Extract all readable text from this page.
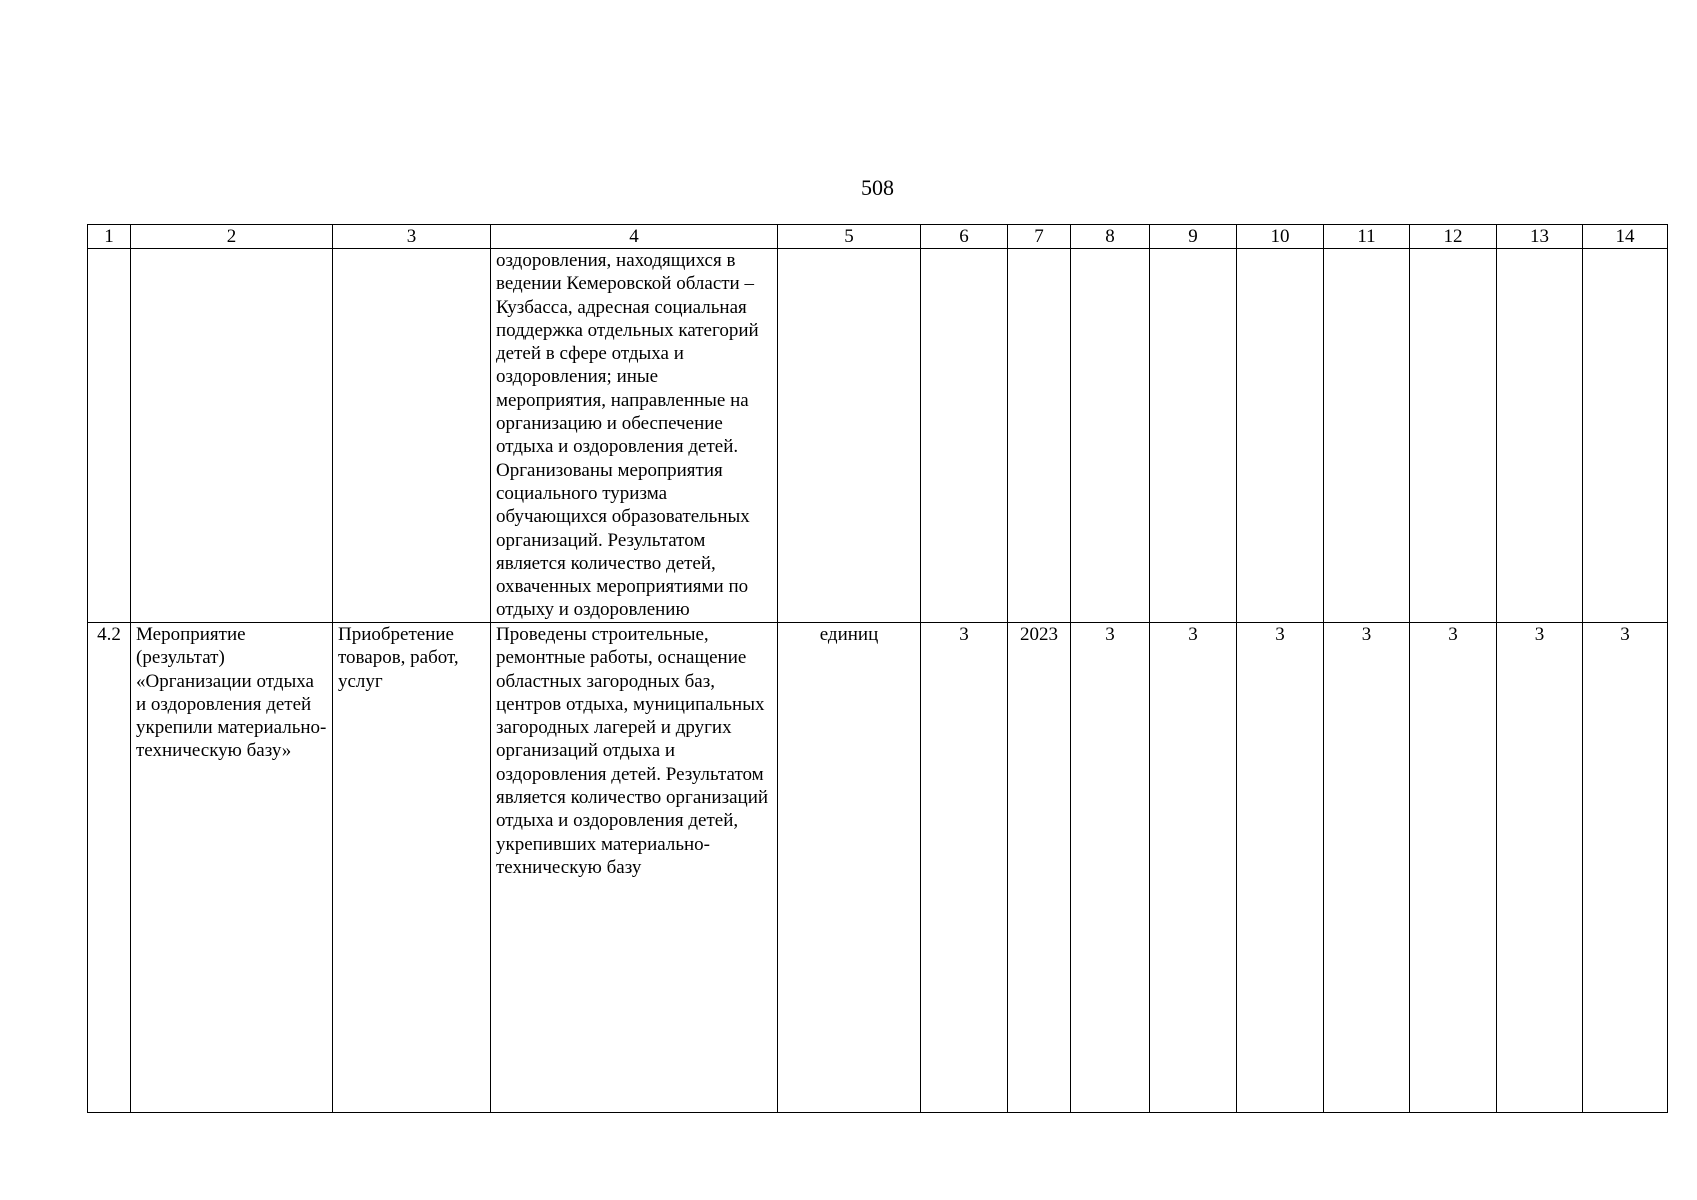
508
1	2	3	4	5	6	7	8	9	10	11	12	13	14
			оздоровления, находящихся в ведении Кемеровской области – Кузбасса, адресная социальная поддержка отдельных категорий детей в сфере отдыха и оздоровления; иные мероприятия, направленные на организацию и обеспечение отдыха и оздоровления детей. Организованы мероприятия социального туризма обучающихся образовательных организаций. Результатом является количество детей, охваченных мероприятиями по отдыху и оздоровлению										
4.2	Мероприятие (результат) «Организации отдыха и оздоровления детей укрепили материально-техническую базу»	Приобретение товаров, работ, услуг	Проведены строительные, ремонтные работы, оснащение областных загородных баз, центров отдыха, муниципальных загородных лагерей и других организаций отдыха и оздоровления детей. Результатом является количество организаций отдыха и оздоровления детей, укрепивших материально-техническую базу	единиц	3	2023	3	3	3	3	3	3	3
